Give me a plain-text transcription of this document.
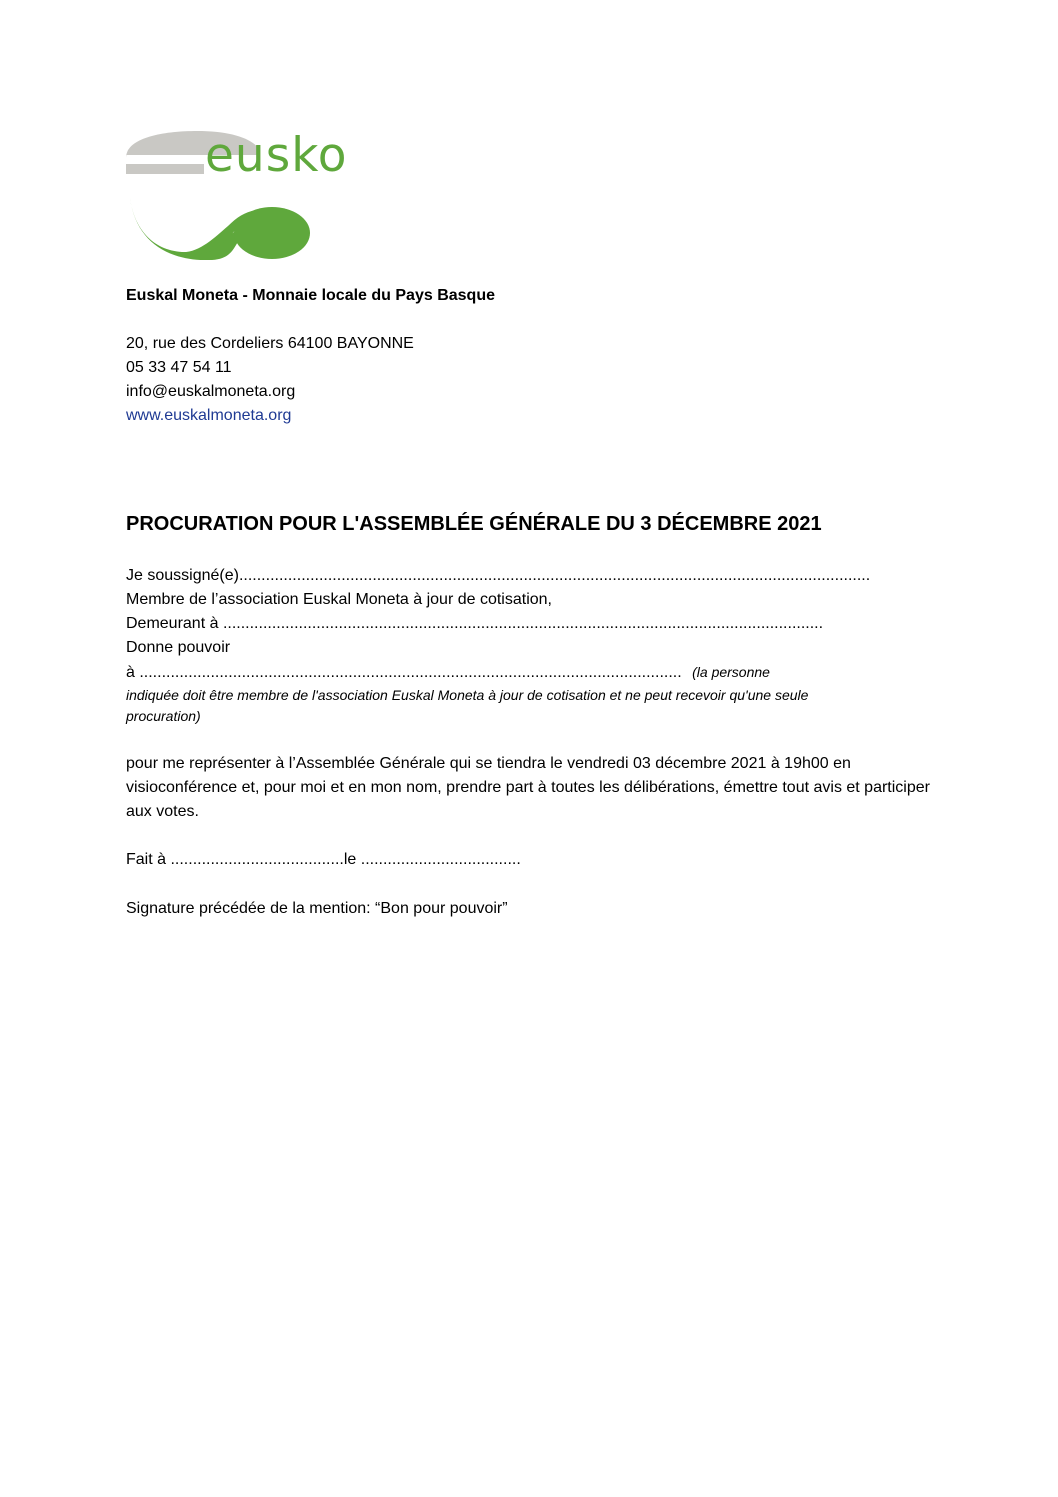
eusko
Euskal Moneta - Monnaie locale du Pays Basque
20, rue des Cordeliers 64100 BAYONNE
05 33 47 54 11
info@euskalmoneta.org
www.euskalmoneta.org
PROCURATION POUR L'ASSEMBLÉE GÉNÉRALE DU 3 DÉCEMBRE 2021
Je soussigné(e)..............................................................................................................................................
Membre de l’association Euskal Moneta à jour de cotisation,
Demeurant à .......................................................................................................................................
Donne pouvoir
à .......................................................................................................................... (la personne
indiquée doit être membre de l'association Euskal Moneta à jour de cotisation et ne peut recevoir qu'une seule
procuration)
pour me représenter à l’Assemblée Générale qui se tiendra le vendredi 03 décembre 2021 à 19h00 en visioconférence et, pour moi et en mon nom, prendre part à toutes les délibérations, émettre tout avis et participer aux votes.
Fait à .......................................le ....................................
Signature précédée de la mention: “Bon pour pouvoir”
